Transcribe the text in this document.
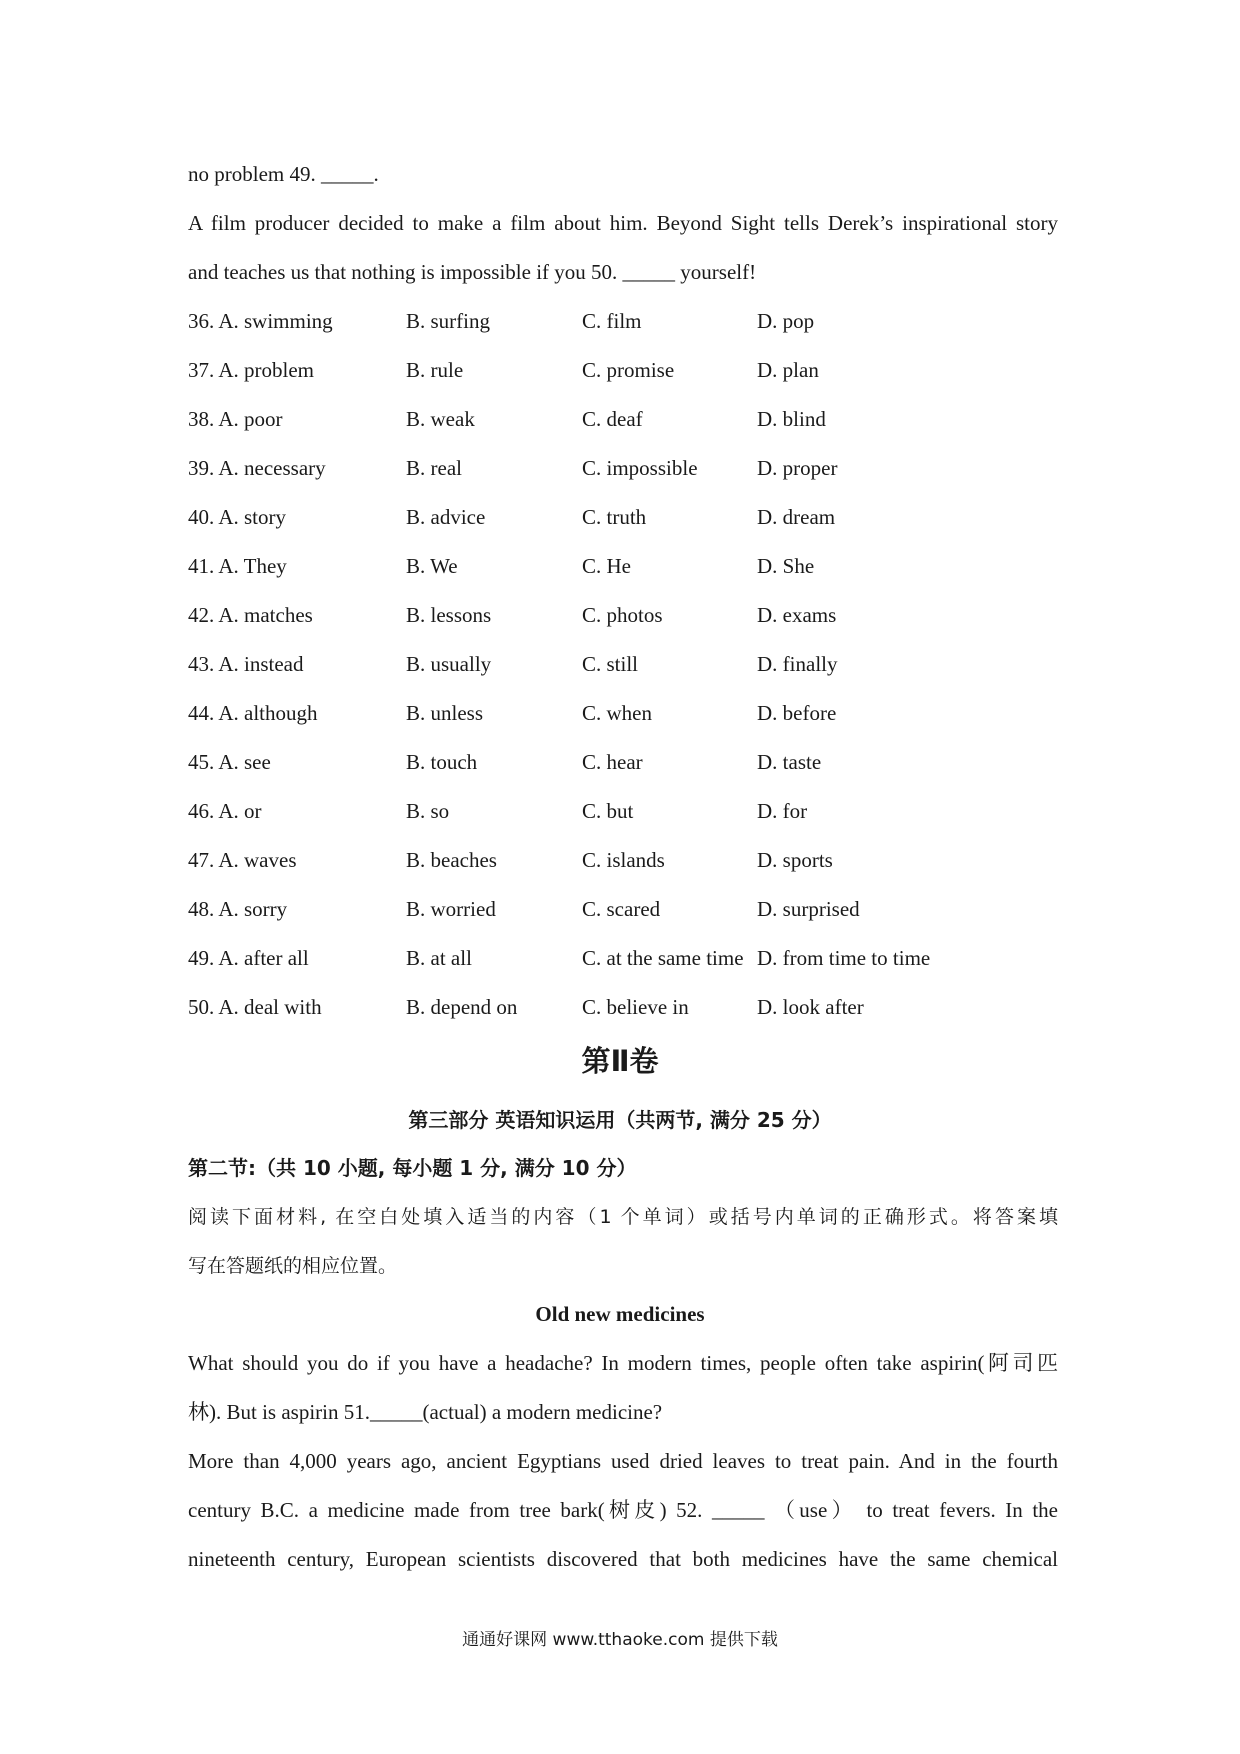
no problem 49. _____.
A film producer decided to make a film about him. Beyond Sight tells Derek’s inspirational story
and teaches us that nothing is impossible if you 50. _____ yourself!
36. A. swimming	B. surfing	C. film	D. pop
37. A. problem	B. rule	C. promise	D. plan
38. A. poor	B. weak	C. deaf	D. blind
39. A. necessary	B. real	C. impossible	D. proper
40. A. story	B. advice	C. truth	D. dream
41. A. They	B. We	C. He	D. She
42. A. matches	B. lessons	C. photos	D. exams
43. A. instead	B. usually	C. still	D. finally
44. A. although	B. unless	C. when	D. before
45. A. see	B. touch	C. hear	D. taste
46. A. or	B. so	C. but	D. for
47. A. waves	B. beaches	C. islands	D. sports
48. A. sorry	B. worried	C. scared	D. surprised
49. A. after all	B. at all	C. at the same time D. from time to time
50. A. deal with	B. depend on	C. believe in	D. look after
第Ⅱ卷
第三部分 英语知识运用（共两节, 满分 25 分）
第二节:（共 10 小题, 每小题 1 分, 满分 10 分）
阅读下面材料, 在空白处填入适当的内容（1 个单词）或括号内单词的正确形式。将答案填
写在答题纸的相应位置。
Old new medicines
What should you do if you have a headache? In modern times, people often take aspirin(阿司匹
林). But is aspirin 51._____(actual) a modern medicine?
More than 4,000 years ago, ancient Egyptians used dried leaves to treat pain. And in the fourth
century B.C. a medicine made from tree bark(树皮) 52. _____ （use） to treat fevers. In the
nineteenth century, European scientists discovered that both medicines have the same chemical
通通好课网 www.tthaoke.com 提供下载
